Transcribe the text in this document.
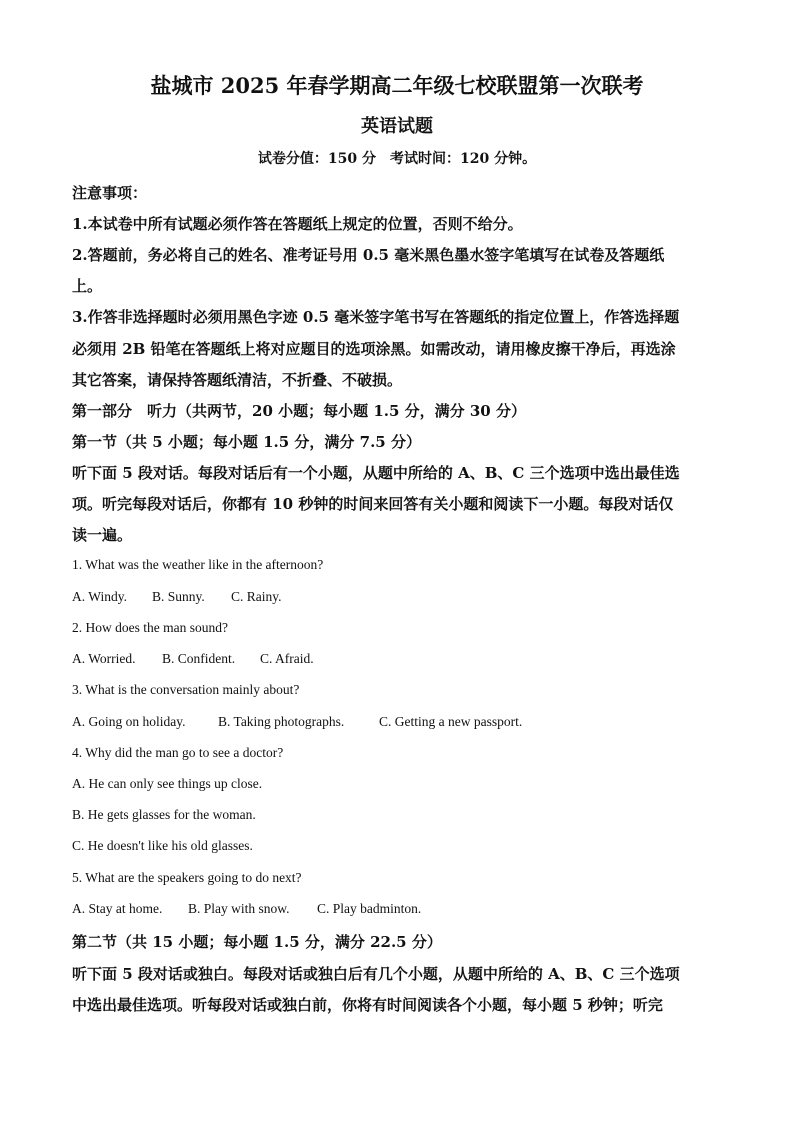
盐城市 2025 年春学期高二年级七校联盟第一次联考
英语试题
试卷分值：150 分　考试时间：120 分钟。
注意事项：
1.本试卷中所有试题必须作答在答题纸上规定的位置，否则不给分。
2.答题前，务必将自己的姓名、准考证号用 0.5 毫米黑色墨水签字笔填写在试卷及答题纸
上。
3.作答非选择题时必须用黑色字迹 0.5 毫米签字笔书写在答题纸的指定位置上，作答选择题
必须用 2B 铅笔在答题纸上将对应题目的选项涂黑。如需改动，请用橡皮擦干净后，再选涂
其它答案，请保持答题纸清洁，不折叠、不破损。
第一部分　听力（共两节，20 小题；每小题 1.5 分，满分 30 分）
第一节（共 5 小题；每小题 1.5 分，满分 7.5 分）
听下面 5 段对话。每段对话后有一个小题，从题中所给的 A、B、C 三个选项中选出最佳选
项。听完每段对话后，你都有 10 秒钟的时间来回答有关小题和阅读下一小题。每段对话仅
读一遍。
1. What was the weather like in the afternoon?
A. Windy. B. Sunny. C. Rainy.
2. How does the man sound?
A. Worried. B. Confident. C. Afraid.
3. What is the conversation mainly about?
A. Going on holiday. B. Taking photographs.	C. Getting a new passport.
4. Why did the man go to see a doctor?
A. He can only see things up close.
B. He gets glasses for the woman.
C. He doesn't like his old glasses.
5. What are the speakers going to do next?
A. Stay at home. B. Play with snow. C. Play badminton.
第二节（共 15 小题；每小题 1.5 分，满分 22.5 分）
听下面 5 段对话或独白。每段对话或独白后有几个小题，从题中所给的 A、B、C 三个选项
中选出最佳选项。听每段对话或独白前，你将有时间阅读各个小题，每小题 5 秒钟；听完
